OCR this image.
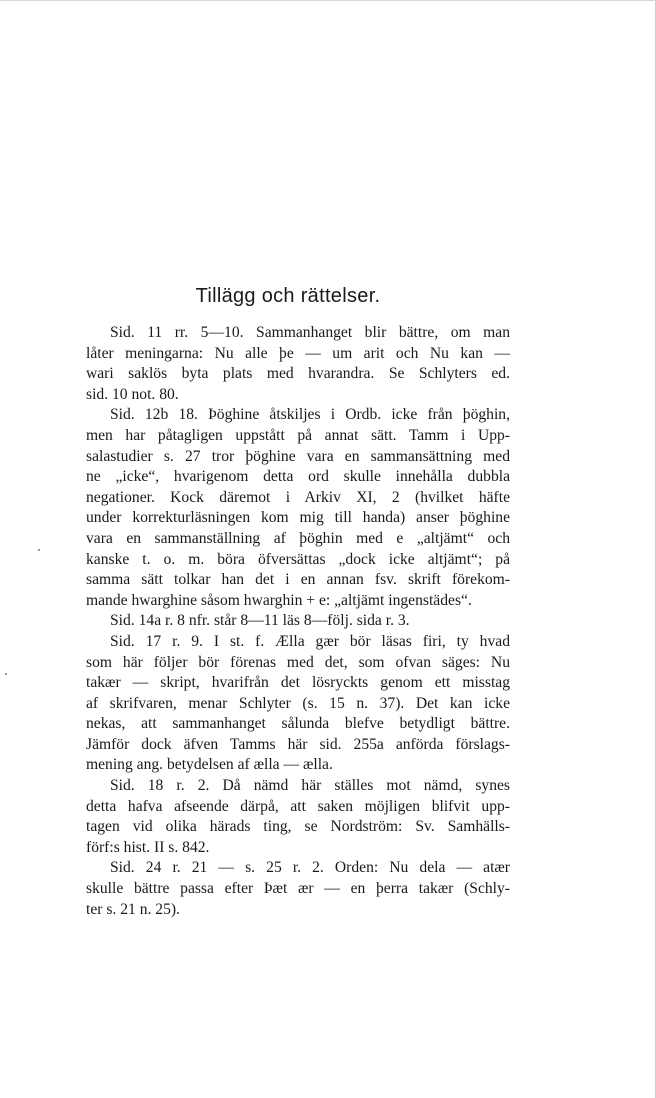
Tillägg och rättelser.

Sid. 11 rr. 5—10. Sammanhanget blir bättre, om man
låter meningarna: Nu alle þe — um arit och Nu kan —
wari saklös byta plats med hvarandra. Se Schlyters ed.
sid. 10 not. 80.

Sid. 12b 18. Þöghine åtskiljes i Ordb. icke från þöghin,
men har påtagligen uppstått på annat sätt. Tamm i Upp-
salastudier s. 27 tror þöghine vara en sammansättning med
ne „icke“, hvarigenom detta ord skulle innehålla dubbla
negationer. Kock däremot i Arkiv XI, 2 (hvilket häfte
under korrekturläsningen kom mig till handa) anser þöghine
vara en sammanställning af þöghin med e „altjämt“ och
kanske t. o. m. böra öfversättas „dock icke altjämt“; på
samma sätt tolkar han det i en annan fsv. skrift förekom-
mande hwarghine såsom hwarghin + e: „altjämt ingenstädes“.

Sid. 14a r. 8 nfr. står 8—11 läs 8—följ. sida r. 3.

Sid. 17 r. 9. I st. f. Ælla gær bör läsas firi, ty hvad
som här följer bör förenas med det, som ofvan säges: Nu
takær — skript, hvarifrån det lösryckts genom ett misstag
af skrifvaren, menar Schlyter (s. 15 n. 37). Det kan icke
nekas, att sammanhanget sålunda blefve betydligt bättre.
Jämför dock äfven Tamms här sid. 255a anförda förslags-
mening ang. betydelsen af ælla — ælla.

Sid. 18 r. 2. Då nämd här ställes mot nämd, synes
detta hafva afseende därpå, att saken möjligen blifvit upp-
tagen vid olika härads ting, se Nordström: Sv. Samhälls-
förf:s hist. II s. 842.

Sid. 24 r. 21 — s. 25 r. 2. Orden: Nu dela — atær
skulle bättre passa efter Þæt ær — en þerra takær (Schly-
ter s. 21 n. 25).
